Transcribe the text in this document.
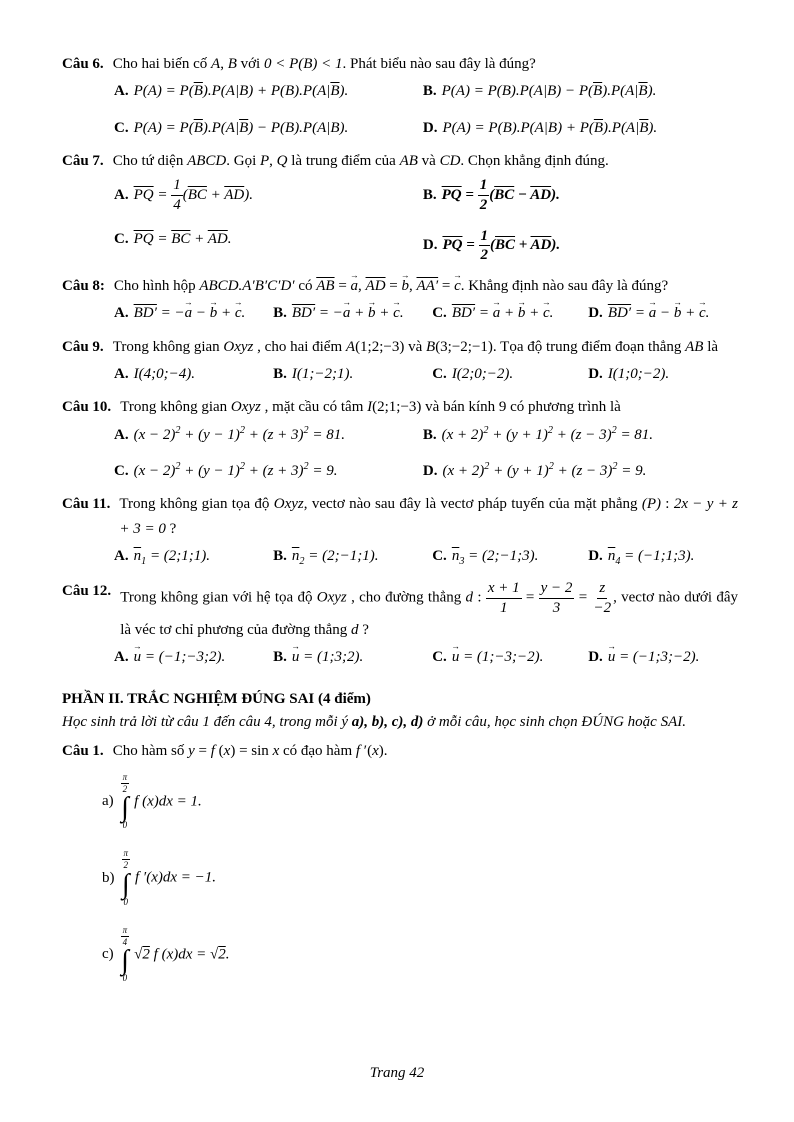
Câu 6. Cho hai biến cố A, B với 0 < P(B) < 1. Phát biểu nào sau đây là đúng?
A. $P(A) = P(\overline{B}).P(A|B) + P(B).P(A|\overline{B})$.	B. $P(A) = P(B).P(A|B) - P(\overline{B}).P(A|\overline{B})$.
C. $P(A) = P(\overline{B}).P(A|\overline{B}) - P(B).P(A|B)$.	D. $P(A) = P(B).P(A|B) + P(\overline{B}).P(A|\overline{B})$.
Câu 7. Cho tứ diện ABCD. Gọi P, Q là trung điểm của AB và CD. Chọn khẳng định đúng.
A. $\overline{PQ} = \frac{1}{4} (\overline{BC} + \overline{AD})$.	B. $\overline{PQ} = \frac{1}{2} (\overline{BC} - \overline{AD})$.
C. $\overline{PQ} = \overline{BC} + \overline{AD}$.	D. $\overline{PQ} = \frac{1}{2} (\overline{BC} + \overline{AD})$.
Câu 8: Cho hình hộp ABCD.A′B′C′D′ có $\overline{AB} = a$ →, $\overline{AD} = b$ →, AA′ = c →. Khẳng định nào sau đây là đúng?
A. BD′ = −a → − b → + c →.	B. BD′ = −a → + b → + c →.	C. BD′ = a → + b → + c →.	D. BD′ = a → − b → + c →.
Câu 9. Trong không gian Oxyz , cho hai điểm A(1;2;−3) và B(3;−2;−1). Tọa độ trung điểm đoạn thẳng AB là
A. I(4;0;−4).	B. I(1;−2;1).	C. I(2;0;−2).	D. I(1;0;−2).
Câu 10. Trong không gian Oxyz , mặt cầu có tâm I(2;1;−3) và bán kính 9 có phương trình là
A. $(x - 2)^2 + (y - 1)^2 + (z + 3)^2 = 81$.	B. $(x + 2)^2 + (y + 1)^2 + (z - 3)^2 = 81$.
C. $(x - 2)^2 + (y - 1)^2 + (z + 3)^2 = 9$.	D. $(x + 2)^2 + (y + 1)^2 + (z - 3)^2 = 9$.
Câu 11. Trong không gian tọa độ Oxyz, vectơ nào sau đây là vectơ pháp tuyến của mặt phẳng (P) : 2x − y + z + 3 = 0 ?
A. $\overline{n}_1$ = (2;1;1).	B. $\overline{n}_2$ = (2;−1;1).	C. $\overline{n}_3$ = (2;−1;3).	D. $\overline{n}_4$ = (−1;1;3).
Câu 12. Trong không gian với hệ tọa độ Oxyz , cho đường thẳng d : $\frac{x + 1}{1} = \frac{y - 2}{3} = \frac{z}{-2}$ , vectơ nào dưới đây là véc tơ chỉ phương của đường thẳng d ?
A. u → = (−1;−3;2).	B. u → = (1;3;2).	C. u → = (1;−3;−2).	D. u → = (−1;3;−2).
PHẦN II. TRẮC NGHIỆM ĐÚNG SAI (4 điểm)
Học sinh trả lời từ câu 1 đến câu 4, trong mỗi ý a), b), c), d) ở mỗi câu, học sinh chọn ĐÚNG hoặc SAI.
Câu 1. Cho hàm số y = f (x) = sin x có đạo hàm f ′(x).
a)
$\frac{\pi}{2}$
∫
0
f (x)dx = 1.
b)
$\frac{\pi}{2}$
∫
0
f ′(x)dx = −1.
c)
$\frac{\pi}{4}$
∫
0
√2 f (x)dx = √2.
Trang 42
